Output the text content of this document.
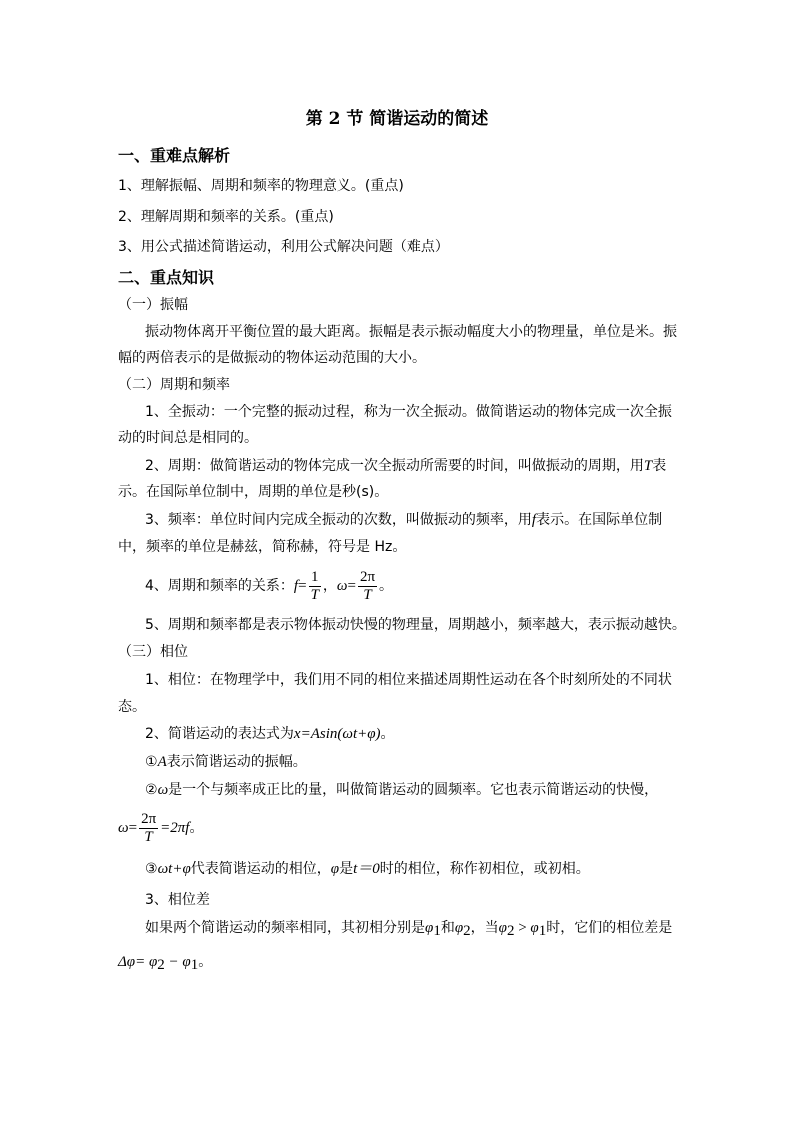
第 2 节 简谐运动的简述
一、重难点解析
1、理解振幅、周期和频率的物理意义。(重点)
2、理解周期和频率的关系。(重点)
3、用公式描述简谐运动，利用公式解决问题（难点）
二、重点知识
（一）振幅
振动物体离开平衡位置的最大距离。振幅是表示振动幅度大小的物理量，单位是米。振
幅的两倍表示的是做振动的物体运动范围的大小。
（二）周期和频率
1、全振动：一个完整的振动过程，称为一次全振动。做简谐运动的物体完成一次全振
动的时间总是相同的。
2、周期：做简谐运动的物体完成一次全振动所需要的时间，叫做振动的周期，用T表
示。在国际单位制中，周期的单位是秒(s)。
3、频率：单位时间内完成全振动的次数，叫做振动的频率，用f表示。在国际单位制
中，频率的单位是赫兹，简称赫，符号是 Hz。
4、周期和频率的关系：$f= \frac{1}{T}$ ，$\omega= \frac{2\pi}{T}$ 。
5、周期和频率都是表示物体振动快慢的物理量，周期越小，频率越大，表示振动越快。
（三）相位
1、相位：在物理学中，我们用不同的相位来描述周期性运动在各个时刻所处的不同状
态。
2、简谐运动的表达式为x=Asin(ωt+φ)。
①A表示简谐运动的振幅。
②ω是一个与频率成正比的量，叫做简谐运动的圆频率。它也表示简谐运动的快慢，
$\omega= \frac{2\pi}{T} =2\pi f$。
③ωt+φ代表简谐运动的相位，φ是t＝0时的相位，称作初相位，或初相。
3、相位差
如果两个简谐运动的频率相同，其初相分别是$\varphi_1$和$\varphi_2$，当$\varphi_2 > \varphi_1$时，它们的相位差是
$\Delta\varphi= \varphi_2 - \varphi_1$。
